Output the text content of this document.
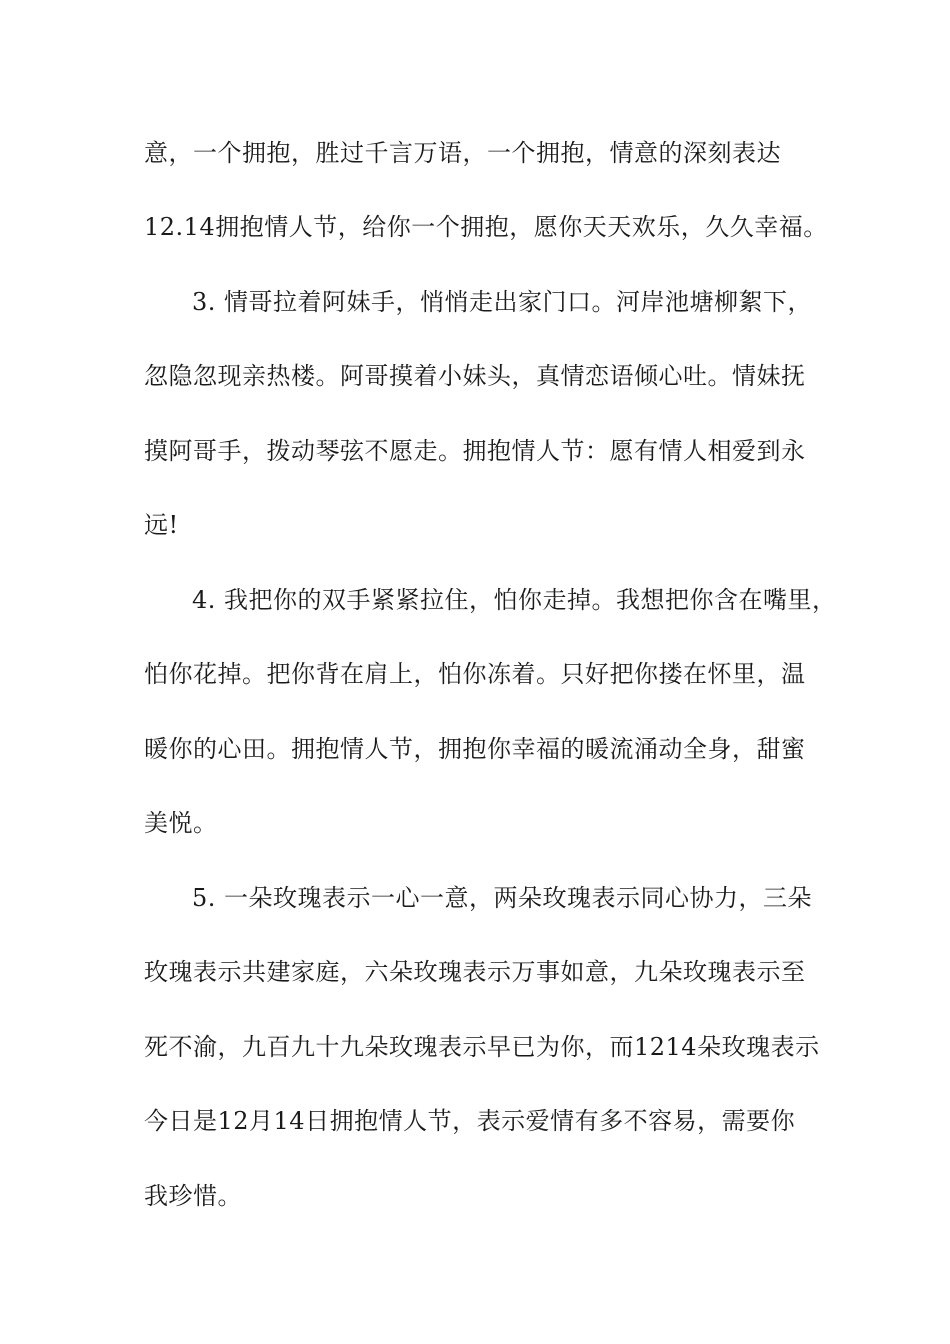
意，一个拥抱，胜过千言万语，一个拥抱，情意的深刻表达
12.14拥抱情人节，给你一个拥抱，愿你天天欢乐，久久幸福。
3. 情哥拉着阿妹手，悄悄走出家门口。河岸池塘柳絮下，
忽隐忽现亲热楼。阿哥摸着小妹头，真情恋语倾心吐。情妹抚
摸阿哥手，拨动琴弦不愿走。拥抱情人节：愿有情人相爱到永
远!
4. 我把你的双手紧紧拉住，怕你走掉。我想把你含在嘴里，
怕你花掉。把你背在肩上，怕你冻着。只好把你搂在怀里，温
暖你的心田。拥抱情人节，拥抱你幸福的暖流涌动全身，甜蜜
美悦。
5. 一朵玫瑰表示一心一意，两朵玫瑰表示同心协力，三朵
玫瑰表示共建家庭，六朵玫瑰表示万事如意，九朵玫瑰表示至
死不渝，九百九十九朵玫瑰表示早已为你，而1214朵玫瑰表示
今日是12月14日拥抱情人节，表示爱情有多不容易，需要你
我珍惜。
